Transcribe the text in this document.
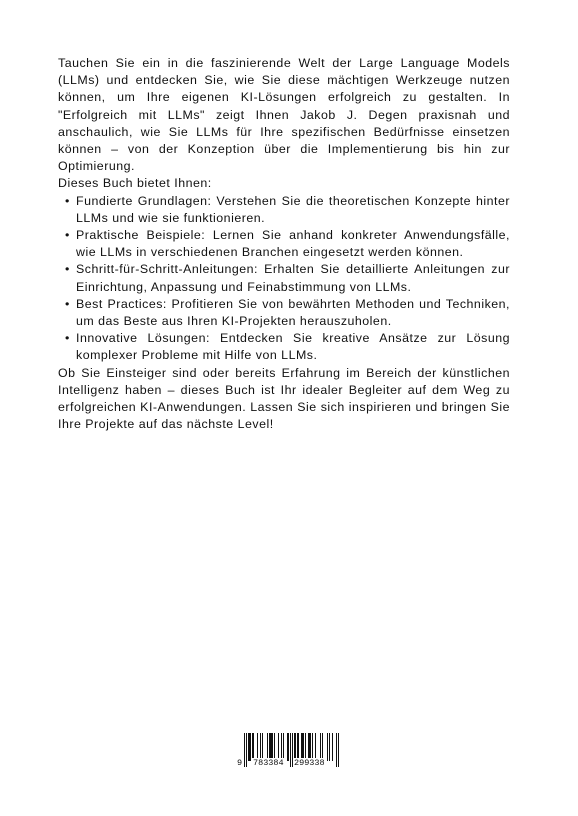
Tauchen Sie ein in die faszinierende Welt der Large Language Models (LLMs) und entdecken Sie, wie Sie diese mächtigen Werkzeuge nutzen können, um Ihre eigenen KI-Lösungen erfolgreich zu gestalten. In "Erfolgreich mit LLMs" zeigt Ihnen Jakob J. Degen praxisnah und anschaulich, wie Sie LLMs für Ihre spezifischen Bedürfnisse einsetzen können – von der Konzeption über die Implementierung bis hin zur Optimierung.

Dieses Buch bietet Ihnen:

• Fundierte Grundlagen: Verstehen Sie die theoretischen Konzepte hinter LLMs und wie sie funktionieren.
• Praktische Beispiele: Lernen Sie anhand konkreter Anwendungsfälle, wie LLMs in verschiedenen Branchen eingesetzt werden können.
• Schritt-für-Schritt-Anleitungen: Erhalten Sie detaillierte Anleitungen zur Einrichtung, Anpassung und Feinabstimmung von LLMs.
• Best Practices: Profitieren Sie von bewährten Methoden und Techniken, um das Beste aus Ihren KI-Projekten herauszuholen.
• Innovative Lösungen: Entdecken Sie kreative Ansätze zur Lösung komplexer Probleme mit Hilfe von LLMs.

Ob Sie Einsteiger sind oder bereits Erfahrung im Bereich der künstlichen Intelligenz haben – dieses Buch ist Ihr idealer Begleiter auf dem Weg zu erfolgreichen KI-Anwendungen. Lassen Sie sich inspirieren und bringen Sie Ihre Projekte auf das nächste Level!

9 783384 299338
